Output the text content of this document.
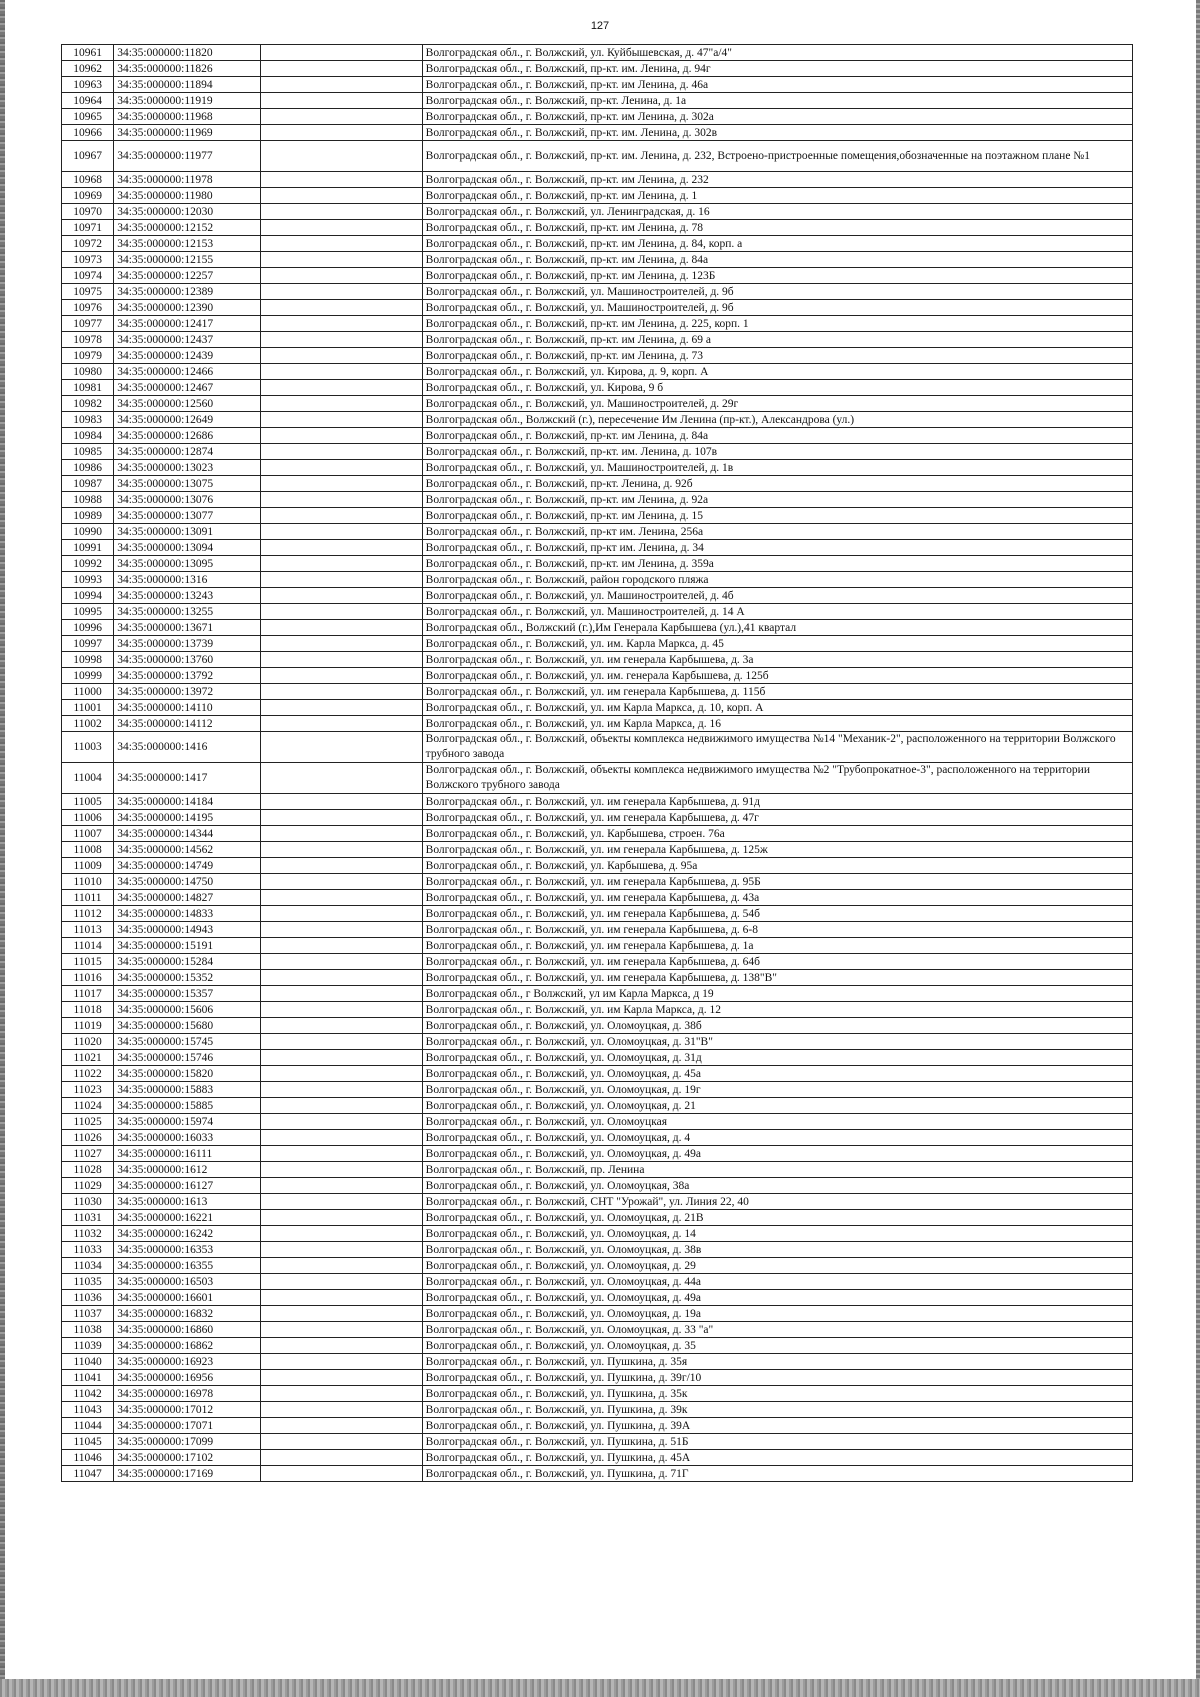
127
10961	34:35:000000:11820		Волгоградская обл., г. Волжский, ул. Куйбышевская, д. 47"а/4"
10962	34:35:000000:11826		Волгоградская обл., г. Волжский, пр-кт. им. Ленина, д. 94г
10963	34:35:000000:11894		Волгоградская обл., г. Волжский, пр-кт. им Ленина, д. 46а
10964	34:35:000000:11919		Волгоградская обл., г. Волжский, пр-кт. Ленина, д. 1а
10965	34:35:000000:11968		Волгоградская обл., г. Волжский, пр-кт. им Ленина, д. 302а
10966	34:35:000000:11969		Волгоградская обл., г. Волжский, пр-кт. им. Ленина, д. 302в
10967	34:35:000000:11977		Волгоградская обл., г. Волжский, пр-кт. им. Ленина, д. 232, Встроено-пристроенные помещения,обозначенные на поэтажном плане №1
10968	34:35:000000:11978		Волгоградская обл., г. Волжский, пр-кт. им Ленина, д. 232
10969	34:35:000000:11980		Волгоградская обл., г. Волжский, пр-кт. им Ленина, д. 1
10970	34:35:000000:12030		Волгоградская обл., г. Волжский, ул. Ленинградская, д. 16
10971	34:35:000000:12152		Волгоградская обл., г. Волжский, пр-кт. им Ленина, д. 78
10972	34:35:000000:12153		Волгоградская обл., г. Волжский, пр-кт. им Ленина, д. 84, корп. а
10973	34:35:000000:12155		Волгоградская обл., г. Волжский, пр-кт. им Ленина, д. 84а
10974	34:35:000000:12257		Волгоградская обл., г. Волжский, пр-кт. им Ленина, д. 123Б
10975	34:35:000000:12389		Волгоградская обл., г. Волжский, ул. Машиностроителей, д. 9б
10976	34:35:000000:12390		Волгоградская обл., г. Волжский, ул. Машиностроителей, д. 9б
10977	34:35:000000:12417		Волгоградская обл., г. Волжский, пр-кт. им Ленина, д. 225, корп. 1
10978	34:35:000000:12437		Волгоградская обл., г. Волжский, пр-кт. им Ленина, д. 69 а
10979	34:35:000000:12439		Волгоградская обл., г. Волжский, пр-кт. им Ленина, д. 73
10980	34:35:000000:12466		Волгоградская обл., г. Волжский, ул. Кирова, д. 9, корп. А
10981	34:35:000000:12467		Волгоградская обл., г. Волжский, ул. Кирова, 9 б
10982	34:35:000000:12560		Волгоградская обл., г. Волжский, ул. Машиностроителей, д. 29г
10983	34:35:000000:12649		Волгоградская обл., Волжский (г.), пересечение Им Ленина (пр-кт.), Александрова (ул.)
10984	34:35:000000:12686		Волгоградская обл., г. Волжский, пр-кт. им Ленина, д. 84а
10985	34:35:000000:12874		Волгоградская обл., г. Волжский, пр-кт. им. Ленина, д. 107в
10986	34:35:000000:13023		Волгоградская обл., г. Волжский, ул. Машиностроителей, д. 1в
10987	34:35:000000:13075		Волгоградская обл., г. Волжский, пр-кт. Ленина, д. 92б
10988	34:35:000000:13076		Волгоградская обл., г. Волжский, пр-кт. им Ленина, д. 92а
10989	34:35:000000:13077		Волгоградская обл., г. Волжский, пр-кт. им Ленина, д. 15
10990	34:35:000000:13091		Волгоградская обл., г. Волжский, пр-кт им. Ленина, 256а
10991	34:35:000000:13094		Волгоградская обл., г. Волжский, пр-кт им. Ленина, д. 34
10992	34:35:000000:13095		Волгоградская обл., г. Волжский, пр-кт. им Ленина, д. 359а
10993	34:35:000000:1316		Волгоградская обл., г. Волжский, район городского пляжа
10994	34:35:000000:13243		Волгоградская обл., г. Волжский, ул. Машиностроителей, д. 4б
10995	34:35:000000:13255		Волгоградская обл., г. Волжский, ул. Машиностроителей, д. 14 А
10996	34:35:000000:13671		Волгоградская обл., Волжский (г.),Им Генерала Карбышева (ул.),41 квартал
10997	34:35:000000:13739		Волгоградская обл., г. Волжский, ул. им. Карла Маркса, д. 45
10998	34:35:000000:13760		Волгоградская обл., г. Волжский, ул. им генерала Карбышева, д. 3а
10999	34:35:000000:13792		Волгоградская обл., г. Волжский, ул. им. генерала Карбышева, д. 125б
11000	34:35:000000:13972		Волгоградская обл., г. Волжский, ул. им генерала Карбышева, д. 115б
11001	34:35:000000:14110		Волгоградская обл., г. Волжский, ул. им Карла Маркса, д. 10, корп. А
11002	34:35:000000:14112		Волгоградская обл., г. Волжский, ул. им Карла Маркса, д. 16
11003	34:35:000000:1416		Волгоградская обл., г. Волжский, объекты комплекса недвижимого имущества №14 "Механик-2", расположенного на территории Волжского трубного завода
11004	34:35:000000:1417		Волгоградская обл., г. Волжский, объекты комплекса недвижимого имущества №2 "Трубопрокатное-3", расположенного на территории Волжского трубного завода
11005	34:35:000000:14184		Волгоградская обл., г. Волжский, ул. им генерала Карбышева, д. 91д
11006	34:35:000000:14195		Волгоградская обл., г. Волжский, ул. им генерала Карбышева, д. 47г
11007	34:35:000000:14344		Волгоградская обл., г. Волжский, ул. Карбышева, строен. 76а
11008	34:35:000000:14562		Волгоградская обл., г. Волжский, ул. им генерала Карбышева, д. 125ж
11009	34:35:000000:14749		Волгоградская обл., г. Волжский, ул. Карбышева, д. 95а
11010	34:35:000000:14750		Волгоградская обл., г. Волжский, ул. им генерала Карбышева, д. 95Б
11011	34:35:000000:14827		Волгоградская обл., г. Волжский, ул. им генерала Карбышева, д. 43а
11012	34:35:000000:14833		Волгоградская обл., г. Волжский, ул. им генерала Карбышева, д. 54б
11013	34:35:000000:14943		Волгоградская обл., г. Волжский, ул. им генерала Карбышева, д. 6-8
11014	34:35:000000:15191		Волгоградская обл., г. Волжский, ул. им генерала Карбышева, д. 1а
11015	34:35:000000:15284		Волгоградская обл., г. Волжский, ул. им генерала Карбышева, д. 64б
11016	34:35:000000:15352		Волгоградская обл., г. Волжский, ул. им генерала Карбышева, д. 138"В"
11017	34:35:000000:15357		Волгоградская обл., г Волжский, ул им Карла Маркса, д 19
11018	34:35:000000:15606		Волгоградская обл., г. Волжский, ул. им Карла Маркса, д. 12
11019	34:35:000000:15680		Волгоградская обл., г. Волжский, ул. Оломоуцкая, д. 38б
11020	34:35:000000:15745		Волгоградская обл., г. Волжский, ул. Оломоуцкая, д. 31"В"
11021	34:35:000000:15746		Волгоградская обл., г. Волжский, ул. Оломоуцкая, д. 31д
11022	34:35:000000:15820		Волгоградская обл., г. Волжский, ул. Оломоуцкая, д. 45а
11023	34:35:000000:15883		Волгоградская обл., г. Волжский, ул. Оломоуцкая, д. 19г
11024	34:35:000000:15885		Волгоградская обл., г. Волжский, ул. Оломоуцкая, д. 21
11025	34:35:000000:15974		Волгоградская обл., г. Волжский, ул. Оломоуцкая
11026	34:35:000000:16033		Волгоградская обл., г. Волжский, ул. Оломоуцкая, д. 4
11027	34:35:000000:16111		Волгоградская обл., г. Волжский, ул. Оломоуцкая, д. 49а
11028	34:35:000000:1612		Волгоградская обл., г. Волжский, пр. Ленина
11029	34:35:000000:16127		Волгоградская обл., г. Волжский, ул. Оломоуцкая, 38а
11030	34:35:000000:1613		Волгоградская обл., г. Волжский, СНТ "Урожай", ул. Линия 22, 40
11031	34:35:000000:16221		Волгоградская обл., г. Волжский, ул. Оломоуцкая, д. 21В
11032	34:35:000000:16242		Волгоградская обл., г. Волжский, ул. Оломоуцкая, д. 14
11033	34:35:000000:16353		Волгоградская обл., г. Волжский, ул. Оломоуцкая, д. 38в
11034	34:35:000000:16355		Волгоградская обл., г. Волжский, ул. Оломоуцкая, д. 29
11035	34:35:000000:16503		Волгоградская обл., г. Волжский, ул. Оломоуцкая, д. 44а
11036	34:35:000000:16601		Волгоградская обл., г. Волжский, ул. Оломоуцкая, д. 49а
11037	34:35:000000:16832		Волгоградская обл., г. Волжский, ул. Оломоуцкая, д. 19а
11038	34:35:000000:16860		Волгоградская обл., г. Волжский, ул. Оломоуцкая, д. 33 "а"
11039	34:35:000000:16862		Волгоградская обл., г. Волжский, ул. Оломоуцкая, д. 35
11040	34:35:000000:16923		Волгоградская обл., г. Волжский, ул. Пушкина, д. 35я
11041	34:35:000000:16956		Волгоградская обл., г. Волжский, ул. Пушкина, д. 39г/10
11042	34:35:000000:16978		Волгоградская обл., г. Волжский, ул. Пушкина, д. 35к
11043	34:35:000000:17012		Волгоградская обл., г. Волжский, ул. Пушкина, д. 39к
11044	34:35:000000:17071		Волгоградская обл., г. Волжский, ул. Пушкина, д. 39А
11045	34:35:000000:17099		Волгоградская обл., г. Волжский, ул. Пушкина, д. 51Б
11046	34:35:000000:17102		Волгоградская обл., г. Волжский, ул. Пушкина, д. 45А
11047	34:35:000000:17169		Волгоградская обл., г. Волжский, ул. Пушкина, д. 71Г
